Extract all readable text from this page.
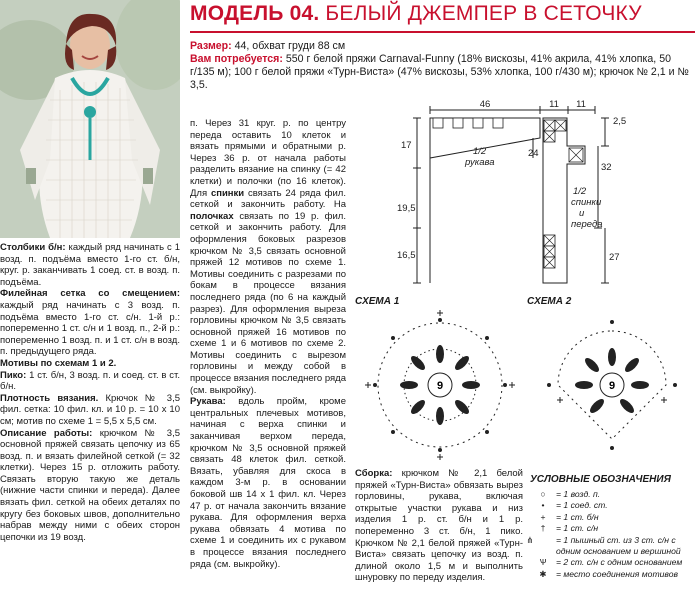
МОДЕЛЬ 04. БЕЛЫЙ ДЖЕМПЕР В СЕТОЧКУ
Размер: 44, обхват груди 88 см
Вам потребуется: 550 г белой пряжи Carnaval-Funny (18% вискозы, 41% акрила, 41% хлопка, 50 г/135 м); 100 г белой пряжи «Турн-Виста» (47% вискозы, 53% хлопка, 100 г/430 м); крючок № 2,1 и № 3,5.
Столбики б/н: каждый ряд начинать с 1 возд. п. подъёма вместо 1-го ст. б/н, круг. р. заканчивать 1 соед. ст. в возд. п. подъёма.
Филейная сетка со смещением: каждый ряд начинать с 3 возд. п. подъёма вместо 1-го ст. с/н. 1-й р.: попеременно 1 ст. с/н и 1 возд. п., 2-й р.: попеременно 1 возд. п. и 1 ст. с/н в возд. п. предыдущего ряда.
Мотивы по схемам 1 и 2.
Пико: 1 ст. б/н, 3 возд. п. и соед. ст. в ст. б/н.
Плотность вязания. Крючок № 3,5 фил. сетка: 10 фил. кл. и 10 р. = 10 х 10 см; мотив по схеме 1 = 5,5 х 5,5 см.
Описание работы: крючком № 3,5 основной пряжей связать цепочку из 65 возд. п. и вязать филейной сеткой (= 32 клетки). Через 15 р. отложить работу. Связать вторую такую же деталь (нижние части спинки и переда). Далее вязать фил. сеткой на обеих деталях по кругу без боковых швов, дополнительно набрав между ними с обеих сторон цепочки из 19 возд.

п. Через 31 круг. р. по центру переда оставить 10 клеток и вязать прямыми и обратными р. Через 36 р. от начала работы разделить вязание на спинку (= 42 клетки) и полочки (по 16 клеток). Для спинки связать 24 ряда фил. сеткой и закончить работу. На полочках связать по 19 р. фил. сеткой и закончить работу. Для оформления боковых разрезов крючком № 3,5 связать основной пряжей 12 мотивов по схеме 1. Мотивы соединить с разрезами по бокам в процессе вязания последнего ряда (по 6 на каждый разрез). Для оформления выреза горловины крючком № 3,5 связать основной пряжей 16 мотивов по схеме 1 и 6 мотивов по схеме 2. Мотивы соединить с вырезом горловины и между собой в процессе вязания последнего ряда (см. выкройку).

Рукава: вдоль пройм, кроме центральных плечевых мотивов, начиная с верха спинки и заканчивая верхом переда, крючком № 3,5 основной пряжей связать 48 клеток фил. сеткой. Вязать, убавляя для скоса в каждом 3-м р. в основании боковой шв 14 х 1 фил. кл. Через 47 р. от начала закончить вязание рукава. Для оформления верха рукава обвязать 4 мотива по схеме 1 и соединить их с рукавом в процессе вязания последнего ряда (см. выкройку).

46	11 11
2,5
17
24
32
19,5
16,5	27
1/2
рукава
1/2
спинки
и
переда
СХЕМА 1
9
СХЕМА 2
9
Сборка: крючком № 2,1 белой пряжей «Турн-Виста» обвязать вырез горловины, рукава, включая открытые участки рукава и низ изделия 1 р. ст. б/н и 1 р. попеременно 3 ст. б/н, 1 пико. Крючком № 2,1 белой пряжей «Турн-Виста» связать цепочку из возд. п. длиной около 1,5 м и выполнить шнуровку по переду изделия.
УСЛОВНЫЕ ОБОЗНАЧЕНИЯ
○ = 1 возд. п.
• = 1 соед. ст.
+ = 1 ст. б/н
† = 1 ст. с/н
⋔	= 1 пышный ст. из 3 ст. с/н с одним основанием и вершиной
Ѱ = 2 ст. с/н с одним основанием
✱ = место соединения мотивов
